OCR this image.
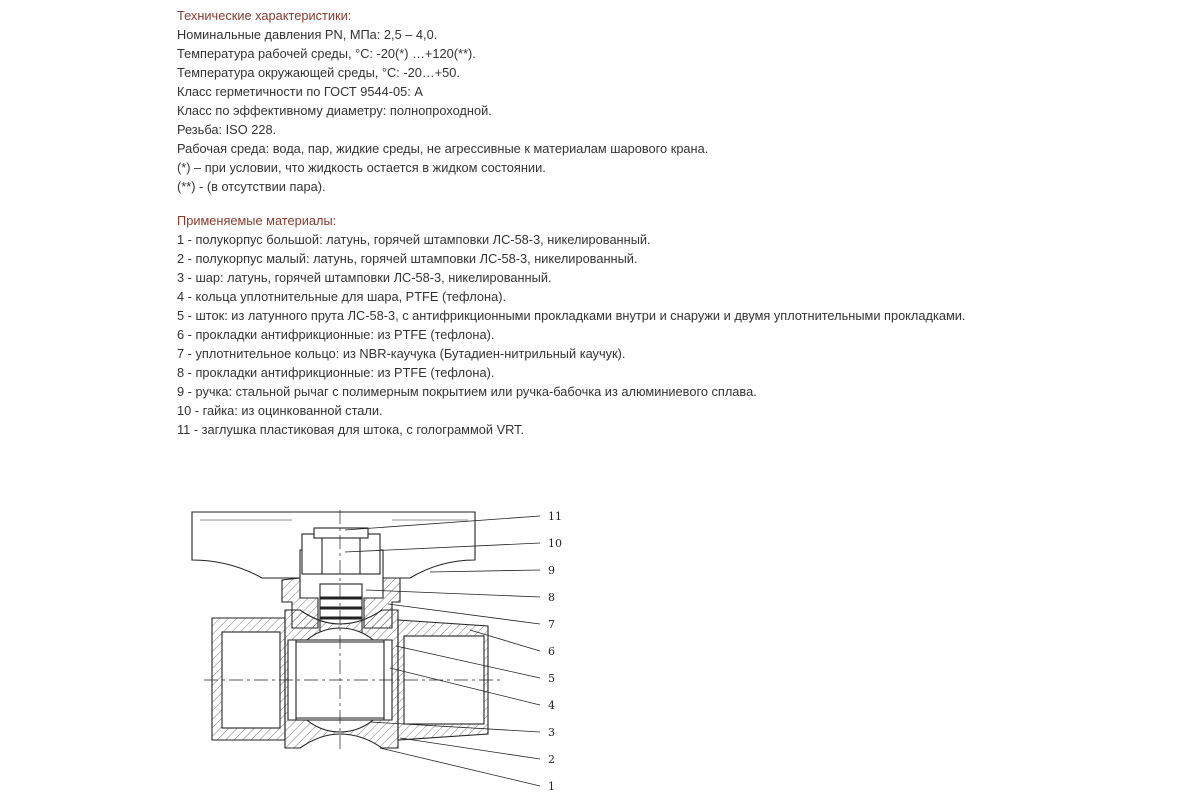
Технические характеристики:
Номинальные давления PN, МПа: 2,5 – 4,0.
Температура рабочей среды, °С: -20(*) …+120(**).
Температура окружающей среды, °С: -20…+50.
Класс герметичности по ГОСТ 9544-05: А
Класс по эффективному диаметру: полнопроходной.
Резьба: ISO 228.
Рабочая среда: вода, пар, жидкие среды, не агрессивные к материалам шарового крана.
(*) – при условии, что жидкость остается в жидком состоянии.
(**) - (в отсутствии пара).
Применяемые материалы:
1 - полукорпус большой: латунь, горячей штамповки ЛС-58-3, никелированный.
2 - полукорпус малый: латунь, горячей штамповки ЛС-58-3, никелированный.
3 - шар: латунь, горячей штамповки ЛС-58-3, никелированный.
4 - кольца уплотнительные для шара, PTFE (тефлона).
5 - шток: из латунного прута ЛС-58-3, с антифрикционными прокладками внутри и снаружи и двумя уплотнительными прокладками.
6 - прокладки антифрикционные: из PTFE (тефлона).
7 - уплотнительное кольцо: из NBR-каучука (Бутадиен-нитрильный каучук).
8 - прокладки антифрикционные: из PTFE (тефлона).
9 - ручка: стальной рычаг с полимерным покрытием или ручка-бабочка из алюминиевого сплава.
10 - гайка: из оцинкованной стали.
11 - заглушка пластиковая для штока, с голограммой VRT.
11
10
9
8
7
6
5
4
3
2
1
